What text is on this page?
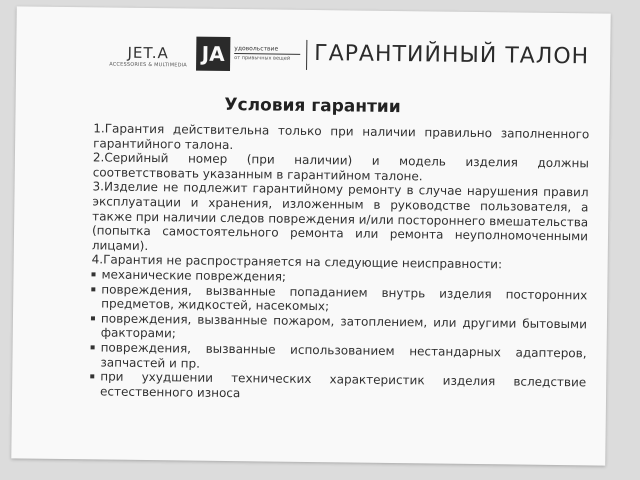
JET.A
ACCESSORIES & MULTIMEDIA JA	удовольствие
от привычных вещей	ГАРАНТИЙНЫЙ ТАЛОН
Условия гарантии
1.Гарантия действительна только при наличии правильно заполненного гарантийного талона.
2.Серийный номер (при наличии) и модель изделия должны соответствовать указанным в гарантийном талоне.
3.Изделие не подлежит гарантийному ремонту в случае нарушения правил эксплуатации и хранения, изложенным в руководстве пользователя, а также при наличии следов повреждения и/или постороннего вмешательства (попытка самостоятельного ремонта или ремонта неуполномоченными лицами).
4.Гарантия не распространяется на следующие неисправности:
механические повреждения;
повреждения, вызванные попаданием внутрь изделия посторонних предметов, жидкостей, насекомых;
повреждения, вызванные пожаром, затоплением, или другими бытовыми факторами;
повреждения, вызванные использованием нестандарных адаптеров, запчастей и пр.
при ухудшении технических характеристик изделия вследствие естественного износа
